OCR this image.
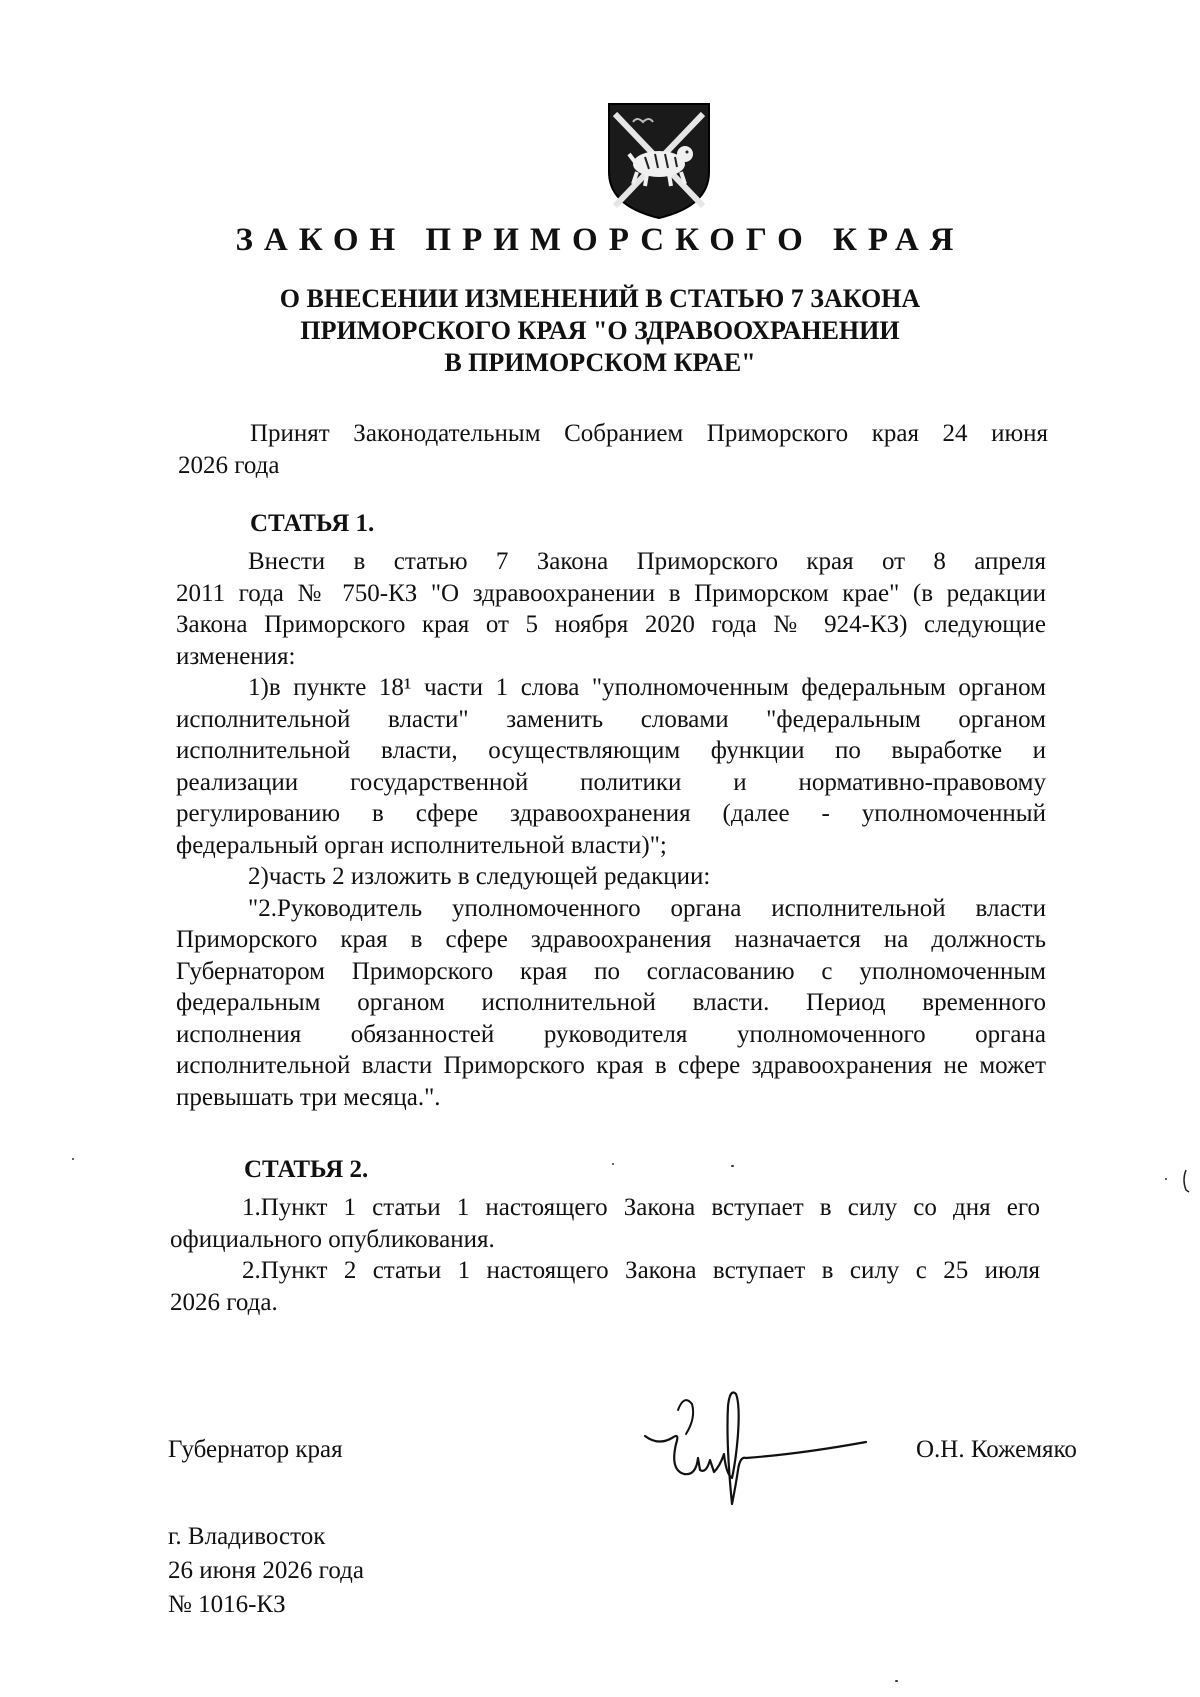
ЗАКОН ПРИМОРСКОГО КРАЯ
О ВНЕСЕНИИ ИЗМЕНЕНИЙ В СТАТЬЮ 7 ЗАКОНА
ПРИМОРСКОГО КРАЯ "О ЗДРАВООХРАНЕНИИ
В ПРИМОРСКОМ КРАЕ"

Принят Законодательным Собранием Приморского края 24 июня
2026 года

СТАТЬЯ 1.
Внести в статью 7 Закона Приморского края от 8 апреля
2011 года № 750-КЗ "О здравоохранении в Приморском крае" (в редакции
Закона Приморского края от 5 ноября 2020 года № 924-КЗ) следующие
изменения:
1)в пункте 18¹ части 1 слова "уполномоченным федеральным органом
исполнительной власти" заменить словами "федеральным органом
исполнительной власти, осуществляющим функции по выработке и
реализации государственной политики и нормативно-правовому
регулированию в сфере здравоохранения (далее - уполномоченный
федеральный орган исполнительной власти)";
2)часть 2 изложить в следующей редакции:
"2.Руководитель уполномоченного органа исполнительной власти
Приморского края в сфере здравоохранения назначается на должность
Губернатором Приморского края по согласованию с уполномоченным
федеральным органом исполнительной власти. Период временного
исполнения обязанностей руководителя уполномоченного органа
исполнительной власти Приморского края в сфере здравоохранения не может
превышать три месяца.".
СТАТЬЯ 2.
1.Пункт 1 статьи 1 настоящего Закона вступает в силу со дня его
официального опубликования.
2.Пункт 2 статьи 1 настоящего Закона вступает в силу с 25 июля
2026 года.

Губернатор края	О.Н. Кожемяко

г. Владивосток
26 июня 2026 года
№ 1016-КЗ
